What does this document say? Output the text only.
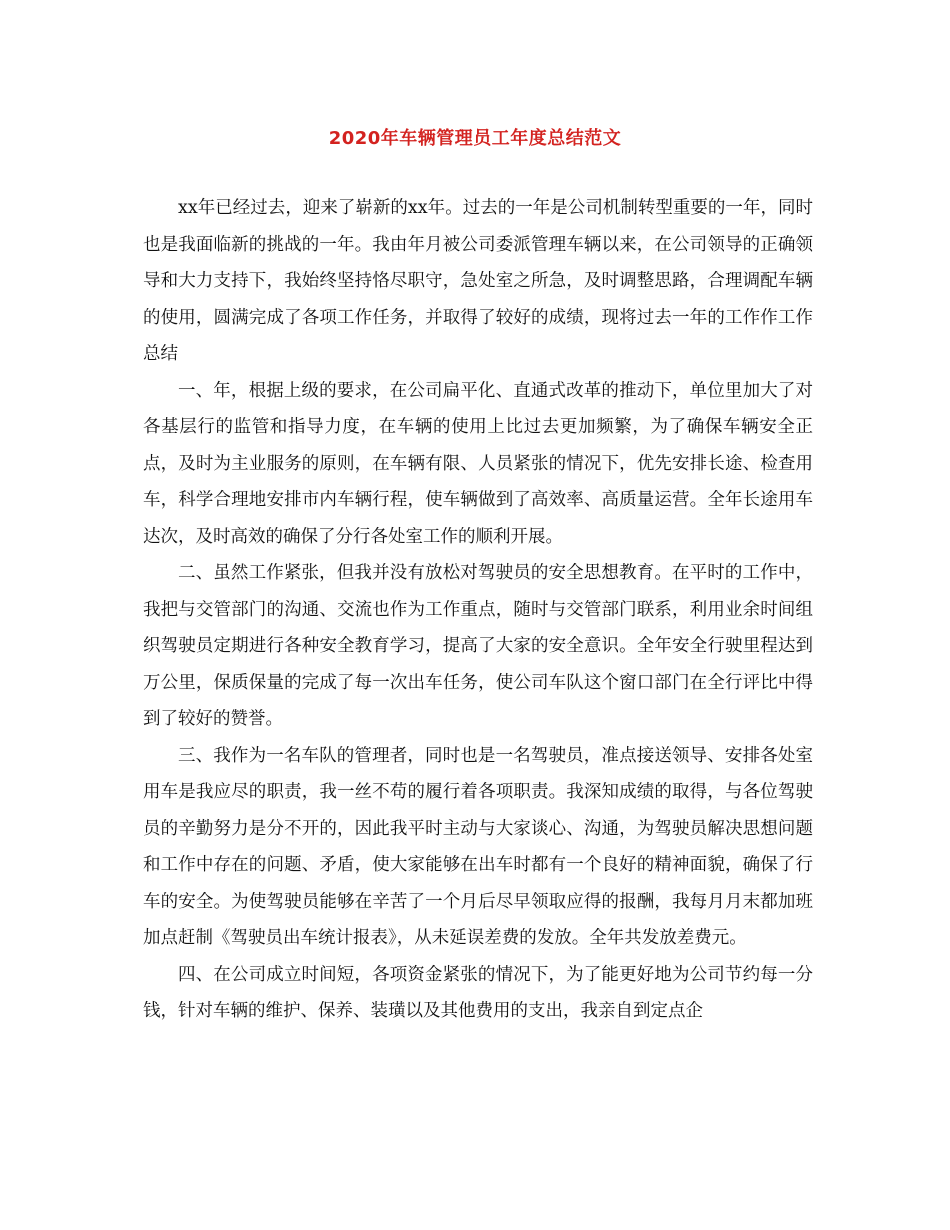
2020年车辆管理员工年度总结范文

xx年已经过去，迎来了崭新的xx年。过去的一年是公司机制转型重要的一年，同时也是我面临新的挑战的一年。我由年月被公司委派管理车辆以来，在公司领导的正确领导和大力支持下，我始终坚持恪尽职守，急处室之所急，及时调整思路，合理调配车辆的使用，圆满完成了各项工作任务，并取得了较好的成绩，现将过去一年的工作作工作总结

一、年，根据上级的要求，在公司扁平化、直通式改革的推动下，单位里加大了对各基层行的监管和指导力度，在车辆的使用上比过去更加频繁，为了确保车辆安全正点，及时为主业服务的原则，在车辆有限、人员紧张的情况下，优先安排长途、检查用车，科学合理地安排市内车辆行程，使车辆做到了高效率、高质量运营。全年长途用车达次，及时高效的确保了分行各处室工作的顺利开展。

二、虽然工作紧张，但我并没有放松对驾驶员的安全思想教育。在平时的工作中，我把与交管部门的沟通、交流也作为工作重点，随时与交管部门联系，利用业余时间组织驾驶员定期进行各种安全教育学习，提高了大家的安全意识。全年安全行驶里程达到万公里，保质保量的完成了每一次出车任务，使公司车队这个窗口部门在全行评比中得到了较好的赞誉。

三、我作为一名车队的管理者，同时也是一名驾驶员，准点接送领导、安排各处室用车是我应尽的职责，我一丝不苟的履行着各项职责。我深知成绩的取得，与各位驾驶员的辛勤努力是分不开的，因此我平时主动与大家谈心、沟通，为驾驶员解决思想问题和工作中存在的问题、矛盾，使大家能够在出车时都有一个良好的精神面貌，确保了行车的安全。为使驾驶员能够在辛苦了一个月后尽早领取应得的报酬，我每月月末都加班加点赶制《驾驶员出车统计报表》，从未延误差费的发放。全年共发放差费元。

四、在公司成立时间短，各项资金紧张的情况下，为了能更好地为公司节约每一分钱，针对车辆的维护、保养、装璜以及其他费用的支出，我亲自到定点企
